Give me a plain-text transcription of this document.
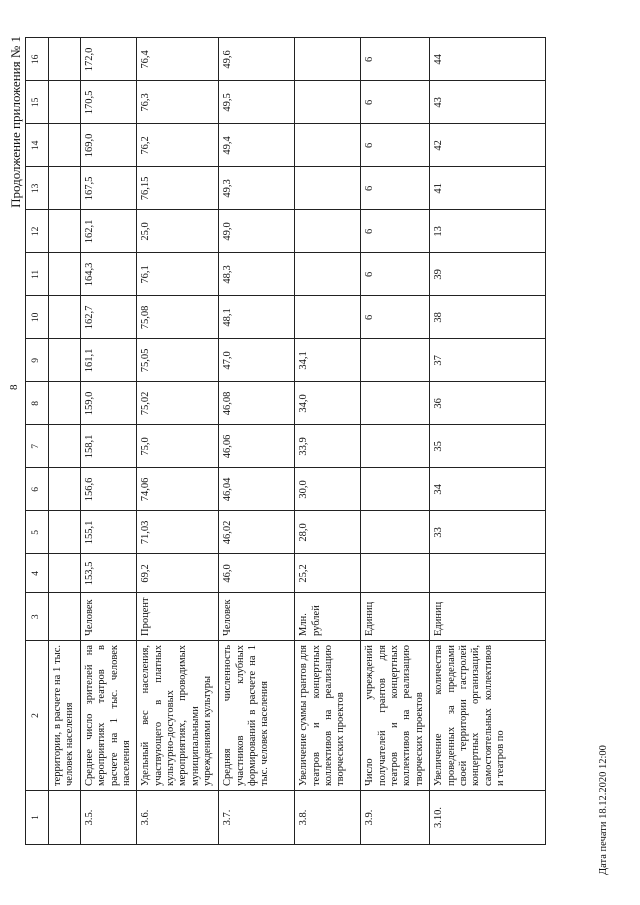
8
Продолжение приложения № 1
1	2	3	4	5	6	7	8	9	10	11	12	13	14	15	16
	территории, в расчете на 1 тыс. человек населения														
3.5.	Среднее число зрителей на мероприятиях театров в расчете на 1 тыс. человек населения	Человек	153,5	155,1	156,6	158,1	159,0	161,1	162,7	164,3	162,1	167,5	169,0	170,5	172,0
3.6.	Удельный вес населения, участвующего в платных культурно-досуговых мероприятиях, проводимых муниципальными учреждениями культуры	Процент	69,2	71,03	74,06	75,0	75,02	75,05	75,08	76,1	25,0	76,15	76,2	76,3	76,4
3.7.	Средняя численность участников клубных формирований в расчете на 1 тыс. человек населения	Человек	46,0	46,02	46,04	46,06	46,08	47,0	48,1	48,3	49,0	49,3	49,4	49,5	49,6
3.8.	Увеличение суммы грантов для театров и концертных коллективов на реализацию творческих проектов	Млн. рублей	25,2	28,0	30,0	33,9	34,0	34,1							
3.9.	Число учреждений получателей грантов для театров и концертных коллективов на реализацию творческих проектов	Единиц							6	6	6	6	6	6	6
3.10.	Увеличение количества проведенных за пределами своей территории гастролей концертных организаций, самостоятельных коллективов и театров по	Единиц		33	34	35	36	37	38	39	13	41	42	43	44
Дата печати 18.12.2020 12:00
